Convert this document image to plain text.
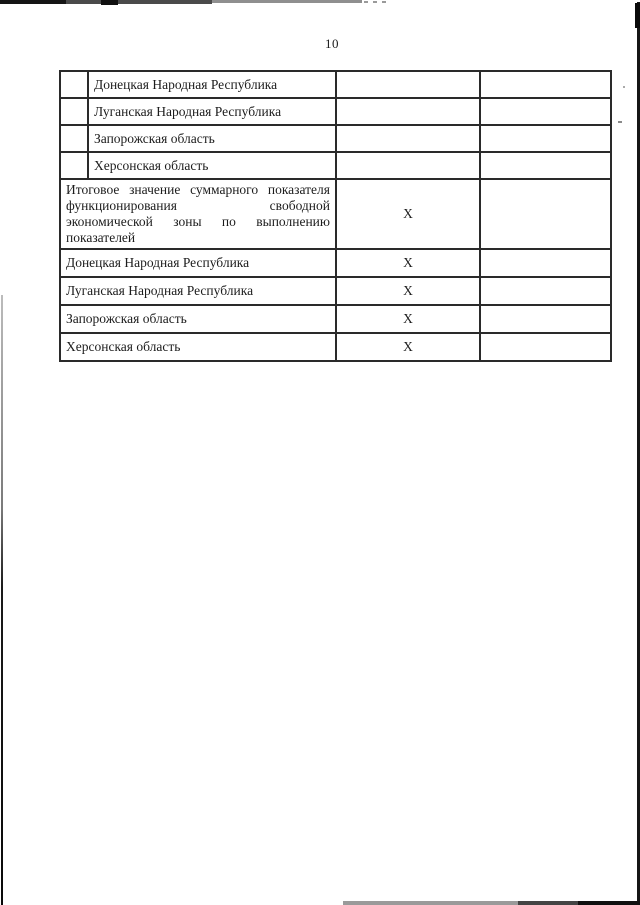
10
	Донецкая Народная Республика		
	Луганская Народная Республика		
	Запорожская область		
	Херсонская область		
Итоговое значение суммарного показателя функционирования свободной экономической зоны по выполнению показателей		X	
Донецкая Народная Республика		X	
Луганская Народная Республика		X	
Запорожская область		X	
Херсонская область		X	
